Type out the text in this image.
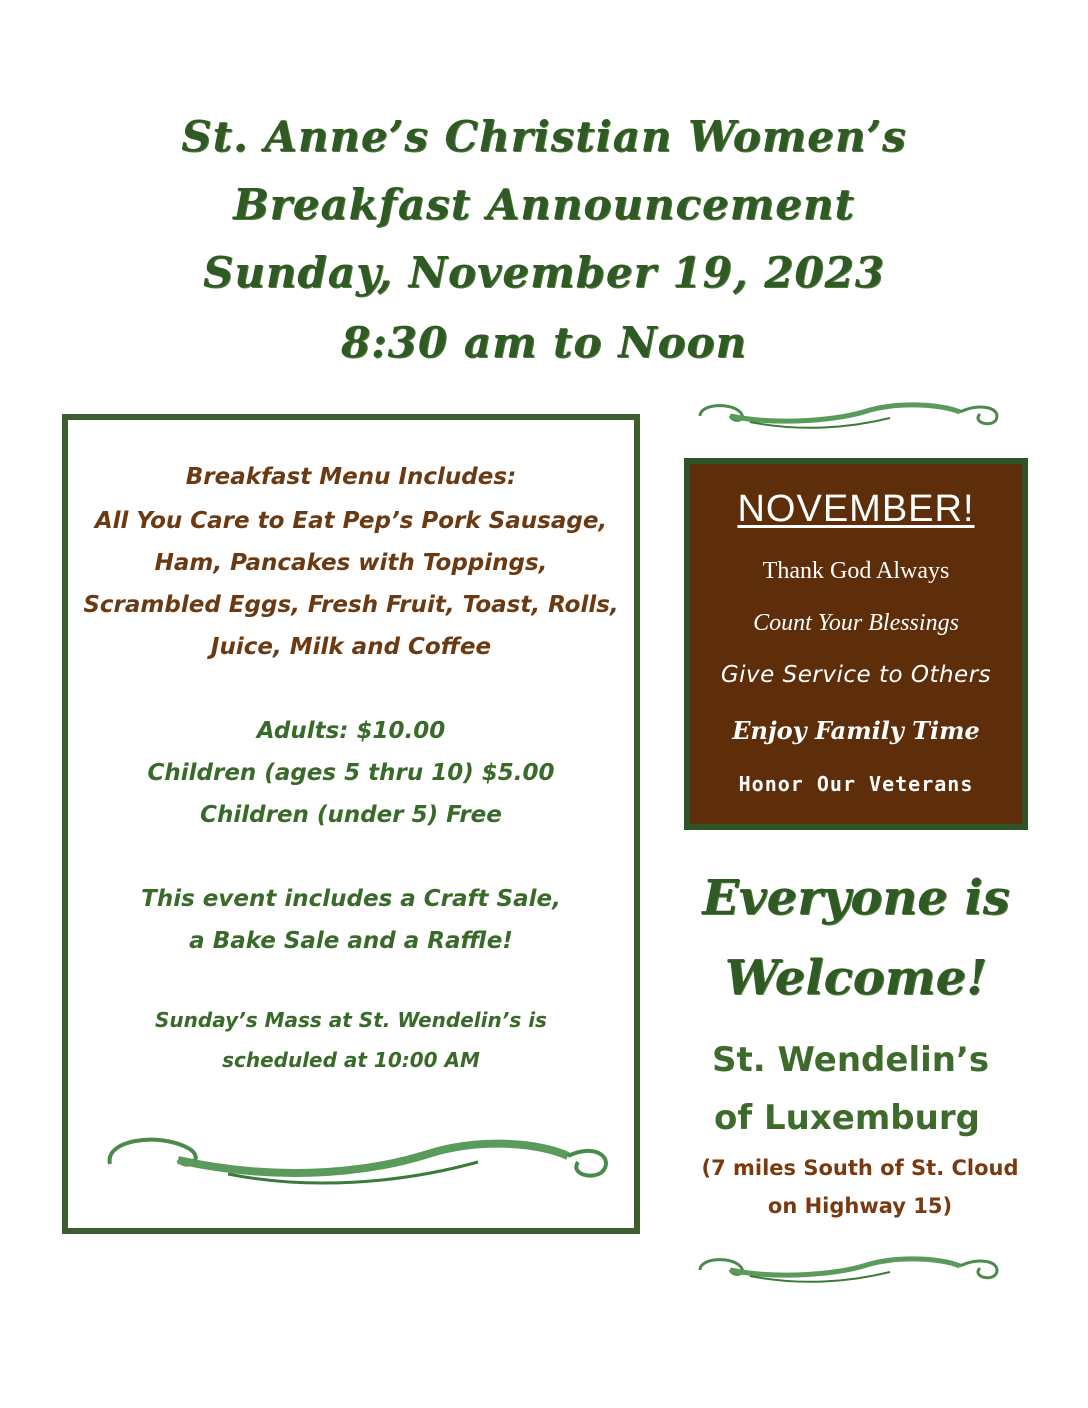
St. Anne’s Christian Women’s
Breakfast Announcement
Sunday, November 19, 2023
8:30 am to Noon
Breakfast Menu Includes:
All You Care to Eat Pep’s Pork Sausage,
Ham, Pancakes with Toppings,
Scrambled Eggs, Fresh Fruit, Toast, Rolls,
Juice, Milk and Coffee
Adults: $10.00
Children (ages 5 thru 10) $5.00
Children (under 5) Free
This event includes a Craft Sale,
a Bake Sale and a Raffle!
Sunday’s Mass at St. Wendelin’s is
scheduled at 10:00 AM
NOVEMBER!
Thank God Always
Count Your Blessings
Give Service to Others
Enjoy Family Time
Honor Our Veterans
Everyone is
Welcome!
St. Wendelin’s
of Luxemburg
(7 miles South of St. Cloud
on Highway 15)
